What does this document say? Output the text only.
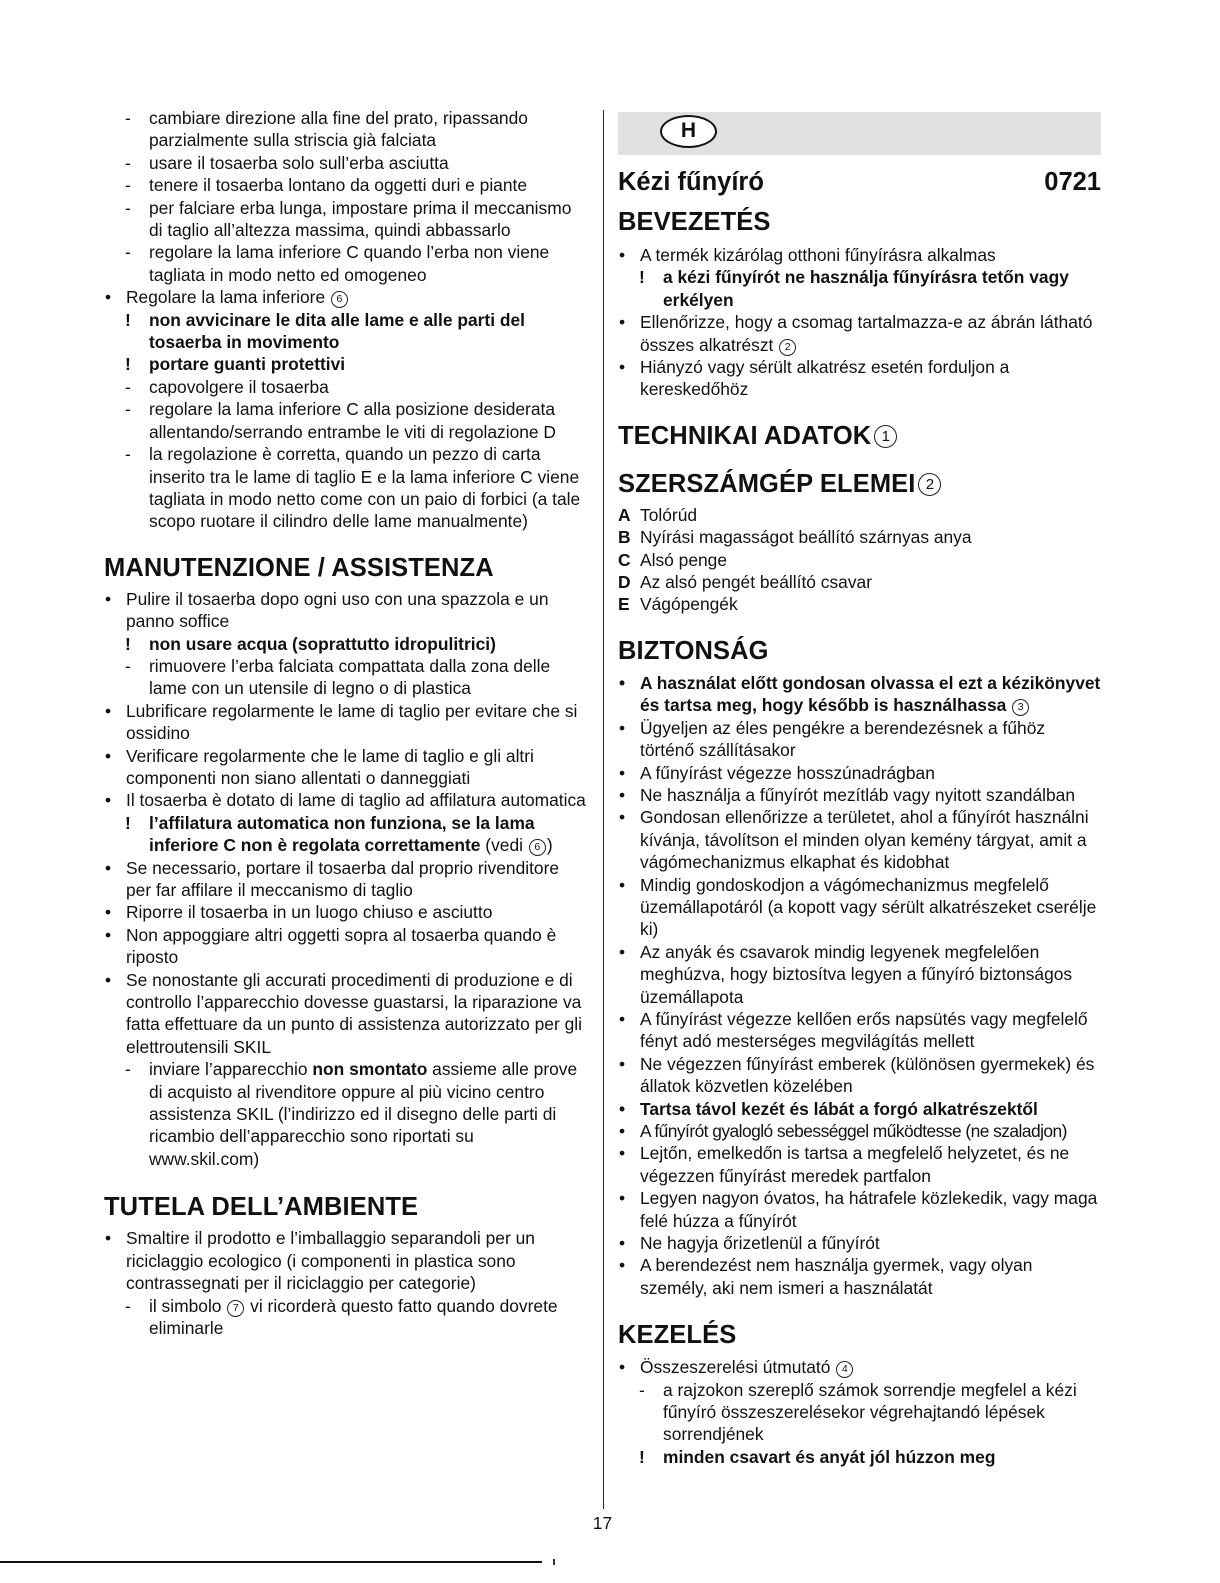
- cambiare direzione alla fine del prato, ripassando parzialmente sulla striscia già falciata
- usare il tosaerba solo sull’erba asciutta
- tenere il tosaerba lontano da oggetti duri e piante
- per falciare erba lunga, impostare prima il meccanismo di taglio all’altezza massima, quindi abbassarlo
- regolare la lama inferiore C quando l’erba non viene tagliata in modo netto ed omogeneo
• Regolare la lama inferiore 6
! non avvicinare le dita alle lame e alle parti del tosaerba in movimento
! portare guanti protettivi
- capovolgere il tosaerba
- regolare la lama inferiore C alla posizione desiderata allentando/serrando entrambe le viti di regolazione D
- la regolazione è corretta, quando un pezzo di carta inserito tra le lame di taglio E e la lama inferiore C viene tagliata in modo netto come con un paio di forbici (a tale scopo ruotare il cilindro delle lame manualmente)
MANUTENZIONE / ASSISTENZA
• Pulire il tosaerba dopo ogni uso con una spazzola e un panno soffice
! non usare acqua (soprattutto idropulitrici)
- rimuovere l’erba falciata compattata dalla zona delle lame con un utensile di legno o di plastica
• Lubrificare regolarmente le lame di taglio per evitare che si ossidino
• Verificare regolarmente che le lame di taglio e gli altri componenti non siano allentati o danneggiati
• Il tosaerba è dotato di lame di taglio ad affilatura automatica
! l’affilatura automatica non funziona, se la lama inferiore C non è regolata correttamente (vedi 6 )
• Se necessario, portare il tosaerba dal proprio rivenditore per far affilare il meccanismo di taglio
• Riporre il tosaerba in un luogo chiuso e asciutto
• Non appoggiare altri oggetti sopra al tosaerba quando è riposto
• Se nonostante gli accurati procedimenti di produzione e di controllo l’apparecchio dovesse guastarsi, la riparazione va fatta effettuare da un punto di assistenza autorizzato per gli elettroutensili SKIL
- inviare l’apparecchio non smontato assieme alle prove di acquisto al rivenditore oppure al più vicino centro assistenza SKIL (l’indirizzo ed il disegno delle parti di ricambio dell’apparecchio sono riportati su www.skil.com)
TUTELA DELL’AMBIENTE
• Smaltire il prodotto e l’imballaggio separandoli per un riciclaggio ecologico (i componenti in plastica sono contrassegnati per il riciclaggio per categorie)
- il simbolo 7 vi ricorderà questo fatto quando dovrete eliminarle
H
Kézi fűnyíró	0721
BEVEZETÉS
• A termék kizárólag otthoni fűnyírásra alkalmas
! a kézi fűnyírót ne használja fűnyírásra tetőn vagy erkélyen
• Ellenőrizze, hogy a csomag tartalmazza-e az ábrán látható összes alkatrészt 2
• Hiányzó vagy sérült alkatrész esetén forduljon a kereskedőhöz
TECHNIKAI ADATOK 1
SZERSZÁMGÉP ELEMEI 2
A Tolórúd
B Nyírási magasságot beállító szárnyas anya
C Alsó penge
D Az alsó pengét beállító csavar
E Vágópengék
BIZTONSÁG
• A használat előtt gondosan olvassa el ezt a kézikönyvet és tartsa meg, hogy később is használhassa 3
• Ügyeljen az éles pengékre a berendezésnek a fűhöz történő szállításakor
• A fűnyírást végezze hosszúnadrágban
• Ne használja a fűnyírót mezítláb vagy nyitott szandálban
• Gondosan ellenőrizze a területet, ahol a fűnyírót használni kívánja, távolítson el minden olyan kemény tárgyat, amit a vágómechanizmus elkaphat és kidobhat
• Mindig gondoskodjon a vágómechanizmus megfelelő üzemállapotáról (a kopott vagy sérült alkatrészeket cserélje ki)
• Az anyák és csavarok mindig legyenek megfelelően meghúzva, hogy biztosítva legyen a fűnyíró biztonságos üzemállapota
• A fűnyírást végezze kellően erős napsütés vagy megfelelő fényt adó mesterséges megvilágítás mellett
• Ne végezzen fűnyírást emberek (különösen gyermekek) és állatok közvetlen közelében
• Tartsa távol kezét és lábát a forgó alkatrészektől
• A fűnyírót gyalogló sebességgel működtesse (ne szaladjon)
• Lejtőn, emelkedőn is tartsa a megfelelő helyzetet, és ne végezzen fűnyírást meredek partfalon
• Legyen nagyon óvatos, ha hátrafele közlekedik, vagy maga felé húzza a fűnyírót
• Ne hagyja őrizetlenül a fűnyírót
• A berendezést nem használja gyermek, vagy olyan személy, aki nem ismeri a használatát
KEZELÉS
• Összeszerelési útmutató 4
- a rajzokon szereplő számok sorrendje megfelel a kézi fűnyíró összeszerelésekor végrehajtandó lépések sorrendjének
! minden csavart és anyát jól húzzon meg
17
